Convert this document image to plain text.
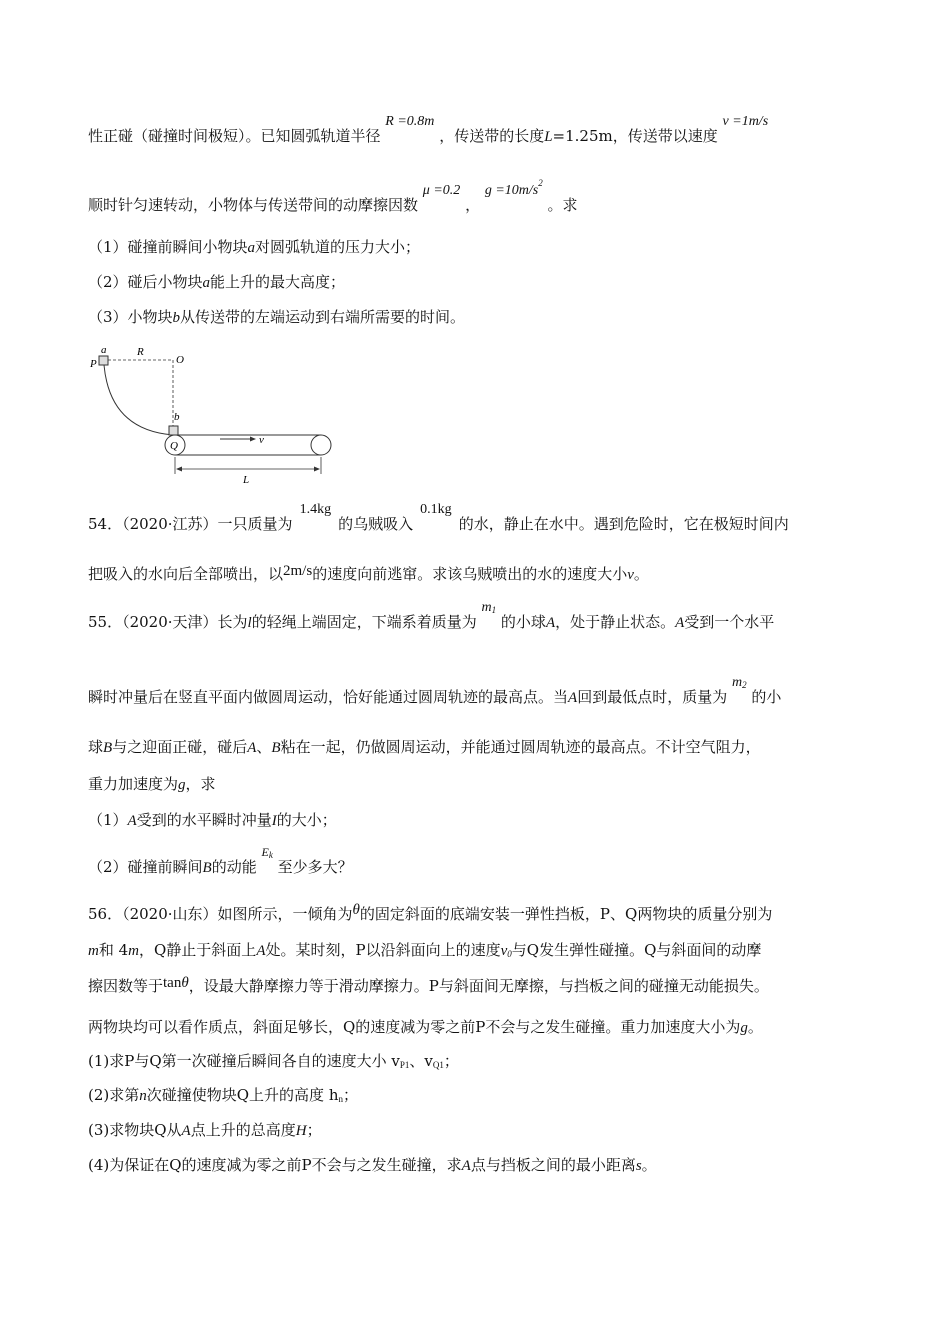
性正碰（碰撞时间极短）。已知圆弧轨道半径 R =0.8m ，传送带的长度L=1.25m，传送带以速度 v =1m/s
顺时针匀速转动，小物体与传送带间的动摩擦因数 μ =0.2 ， $g =10m/s^2$ 。求
（1）碰撞前瞬间小物块a对圆弧轨道的压力大小；
（2）碰后小物块a能上升的最大高度；
（3）小物块b从传送带的左端运动到右端所需要的时间。
P
a	R
O
b
Q	v
L
54．（2020·江苏）一只质量为 1.4kg 的乌贼吸入 0.1kg 的水，静止在水中。遇到危险时，它在极短时间内
把吸入的水向后全部喷出，以2m/s的速度向前逃窜。求该乌贼喷出的水的速度大小v。
55．（2020·天津）长为l的轻绳上端固定，下端系着质量为 $m_1$ 的小球A，处于静止状态。A受到一个水平
瞬时冲量后在竖直平面内做圆周运动，恰好能通过圆周轨迹的最高点。当A回到最低点时，质量为 $m_2$ 的小
球B与之迎面正碰，碰后A、B粘在一起，仍做圆周运动，并能通过圆周轨迹的最高点。不计空气阻力，
重力加速度为g，求
（1）A受到的水平瞬时冲量I的大小；
（2）碰撞前瞬间B的动能 $^{E_k}$ 至少多大？
56．（2020·山东）如图所示，一倾角为θ的固定斜面的底端安装一弹性挡板，P、Q两物块的质量分别为
m和 4m，Q静止于斜面上A处。某时刻，P以沿斜面向上的速度$v_0$与Q发生弹性碰撞。Q与斜面间的动摩
擦因数等于tanθ，设最大静摩擦力等于滑动摩擦力。P与斜面间无摩擦，与挡板之间的碰撞无动能损失。
两物块均可以看作质点，斜面足够长，Q的速度减为零之前P不会与之发生碰撞。重力加速度大小为g。
(1)求P与Q第一次碰撞后瞬间各自的速度大小 $v_{P1}$、$v_{Q1}$；
(2)求第n次碰撞使物块Q上升的高度 $h_n$；
(3)求物块Q从A点上升的总高度H；
(4)为保证在Q的速度减为零之前P不会与之发生碰撞，求A点与挡板之间的最小距离s。
